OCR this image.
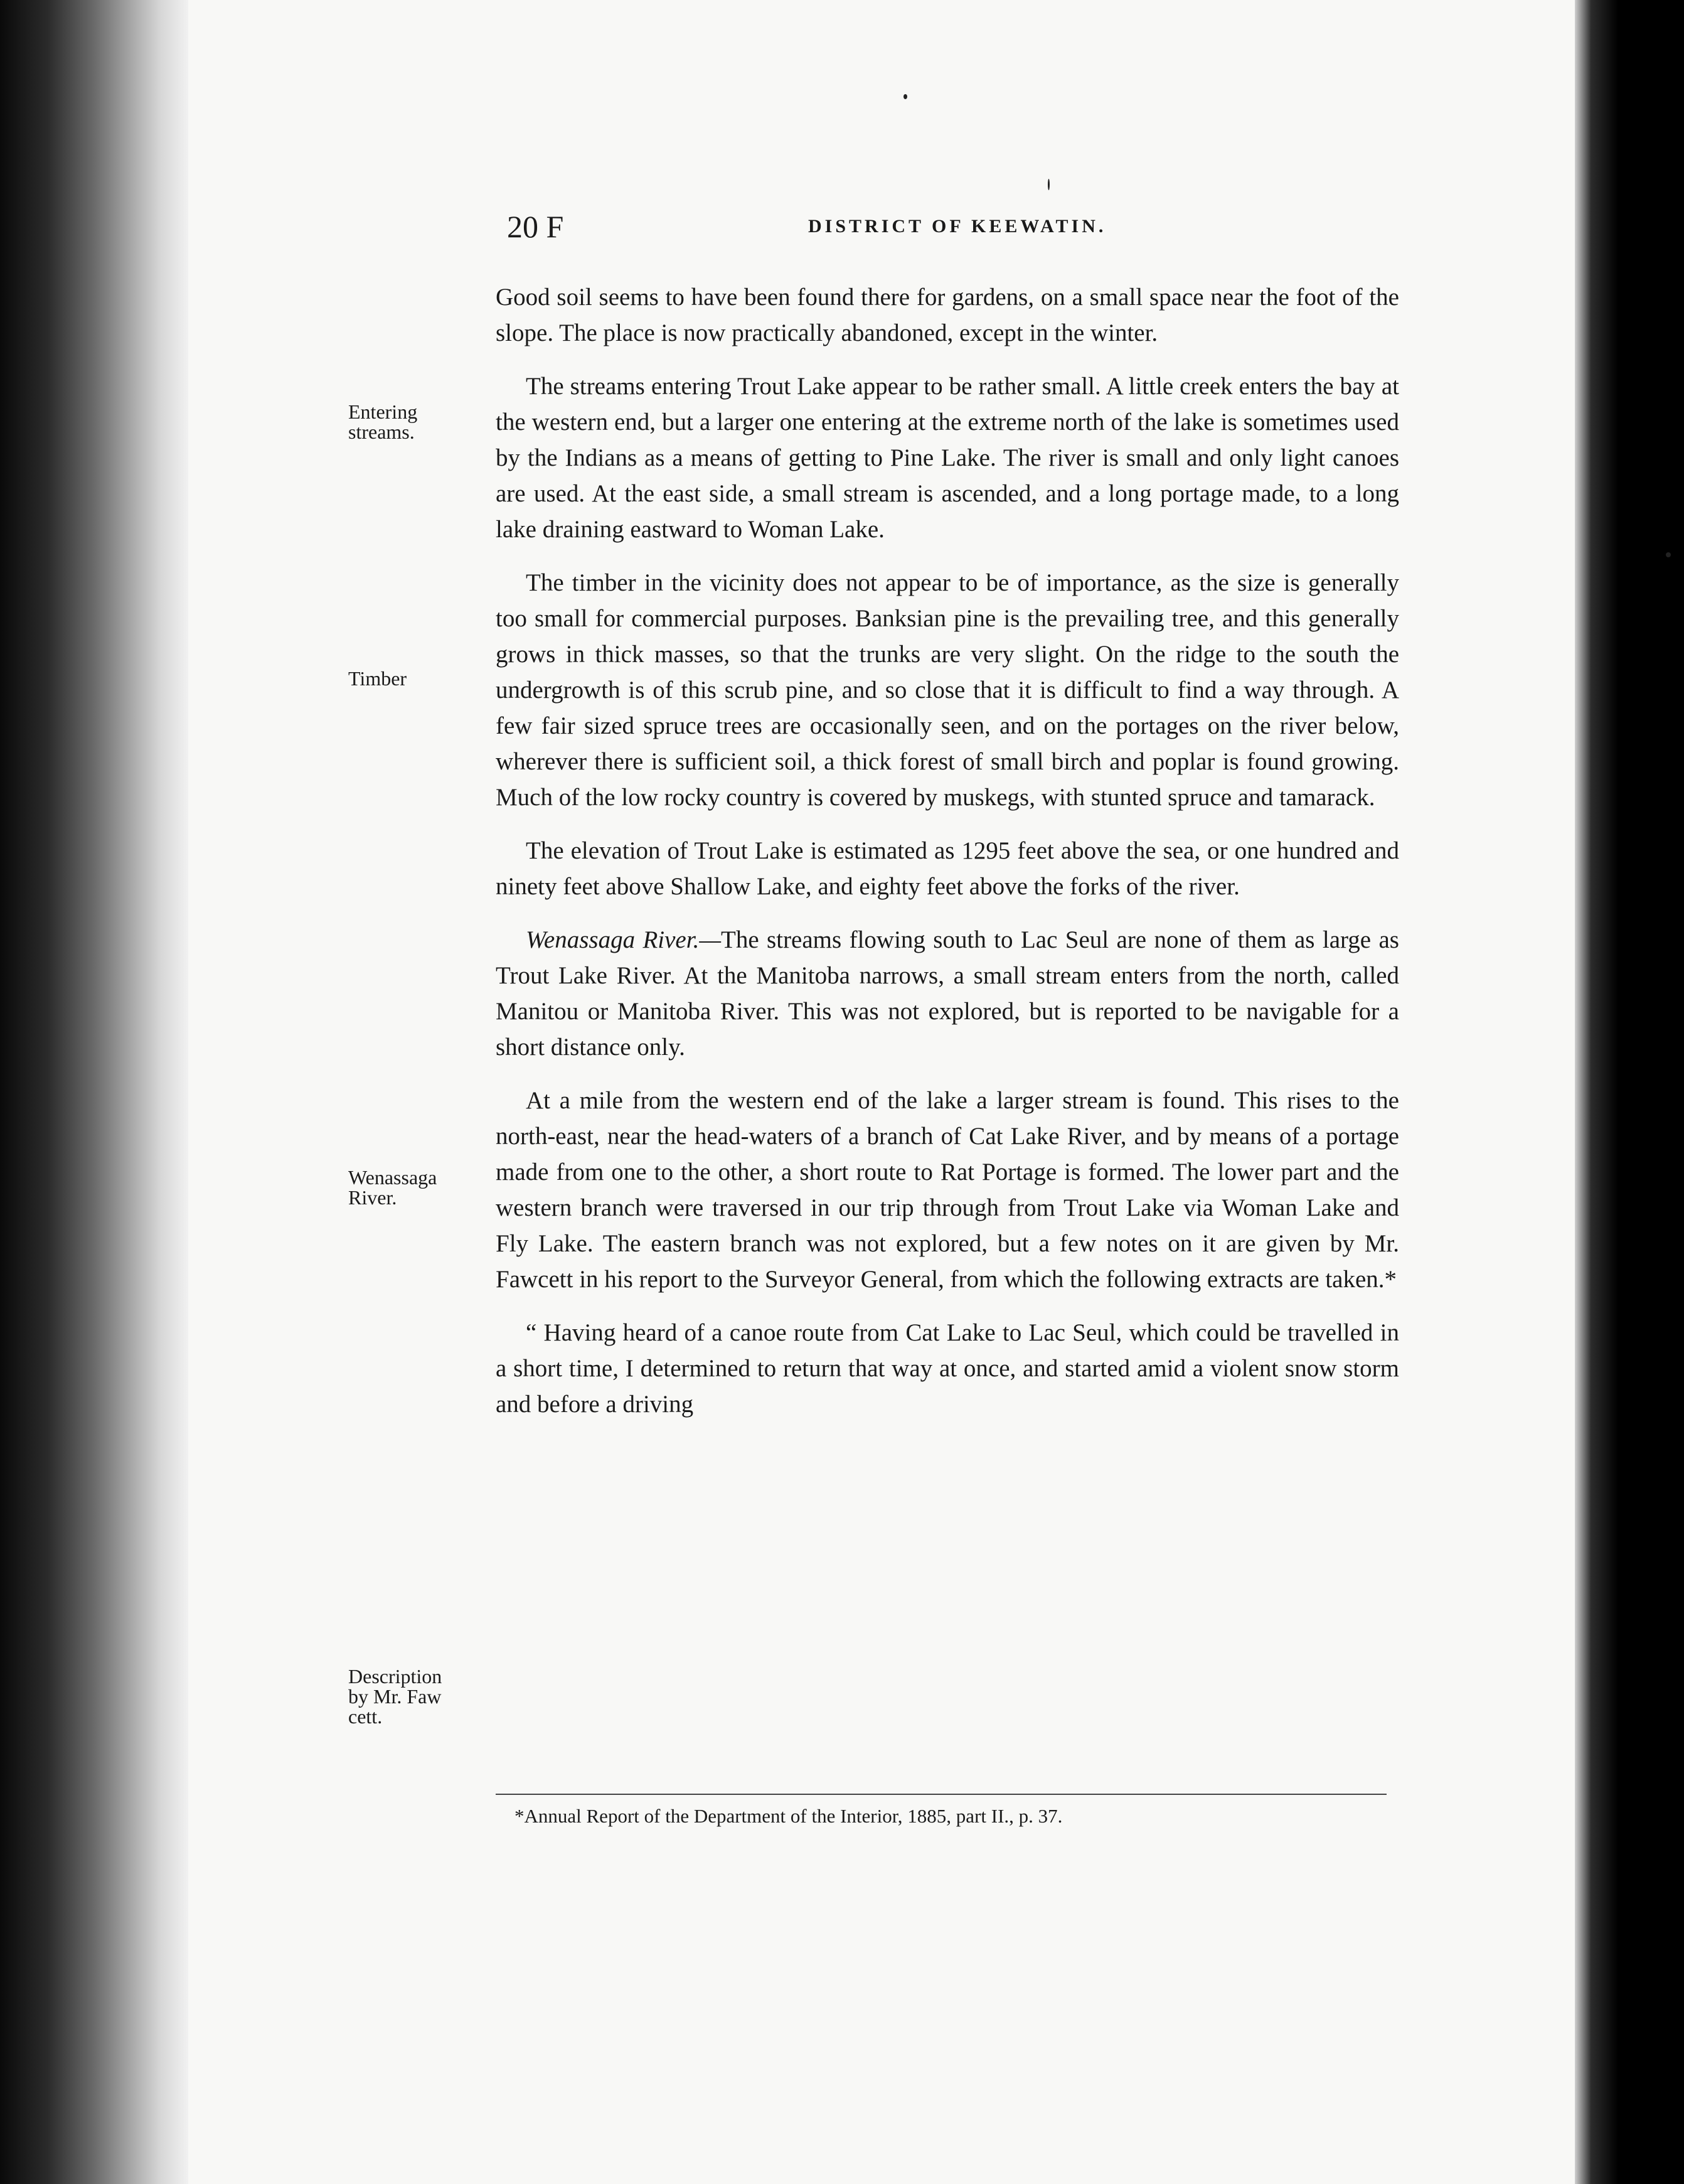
20 F	DISTRICT OF KEEWATIN.
Entering
streams.
Timber
Wenassaga
River.
Description
by Mr. Faw
cett.

Good soil seems to have been found there for gardens, on a small space near the foot of the slope. The place is now practically abandoned, except in the winter.

The streams entering Trout Lake appear to be rather small. A little creek enters the bay at the western end, but a larger one entering at the extreme north of the lake is sometimes used by the Indians as a means of getting to Pine Lake. The river is small and only light canoes are used. At the east side, a small stream is ascended, and a long portage made, to a long lake draining eastward to Woman Lake.

The timber in the vicinity does not appear to be of importance, as the size is generally too small for commercial purposes. Banksian pine is the prevailing tree, and this generally grows in thick masses, so that the trunks are very slight. On the ridge to the south the undergrowth is of this scrub pine, and so close that it is difficult to find a way through. A few fair sized spruce trees are occasionally seen, and on the portages on the river below, wherever there is sufficient soil, a thick forest of small birch and poplar is found growing. Much of the low rocky country is covered by muskegs, with stunted spruce and tamarack.

The elevation of Trout Lake is estimated as 1295 feet above the sea, or one hundred and ninety feet above Shallow Lake, and eighty feet above the forks of the river.

Wenassaga River.—The streams flowing south to Lac Seul are none of them as large as Trout Lake River. At the Manitoba narrows, a small stream enters from the north, called Manitou or Manitoba River. This was not explored, but is reported to be navigable for a short distance only.

At a mile from the western end of the lake a larger stream is found. This rises to the north-east, near the head-waters of a branch of Cat Lake River, and by means of a portage made from one to the other, a short route to Rat Portage is formed. The lower part and the western branch were traversed in our trip through from Trout Lake via Woman Lake and Fly Lake. The eastern branch was not explored, but a few notes on it are given by Mr. Fawcett in his report to the Surveyor General, from which the following extracts are taken.*

“ Having heard of a canoe route from Cat Lake to Lac Seul, which could be travelled in a short time, I determined to return that way at once, and started amid a violent snow storm and before a driving

*Annual Report of the Department of the Interior, 1885, part II., p. 37.
